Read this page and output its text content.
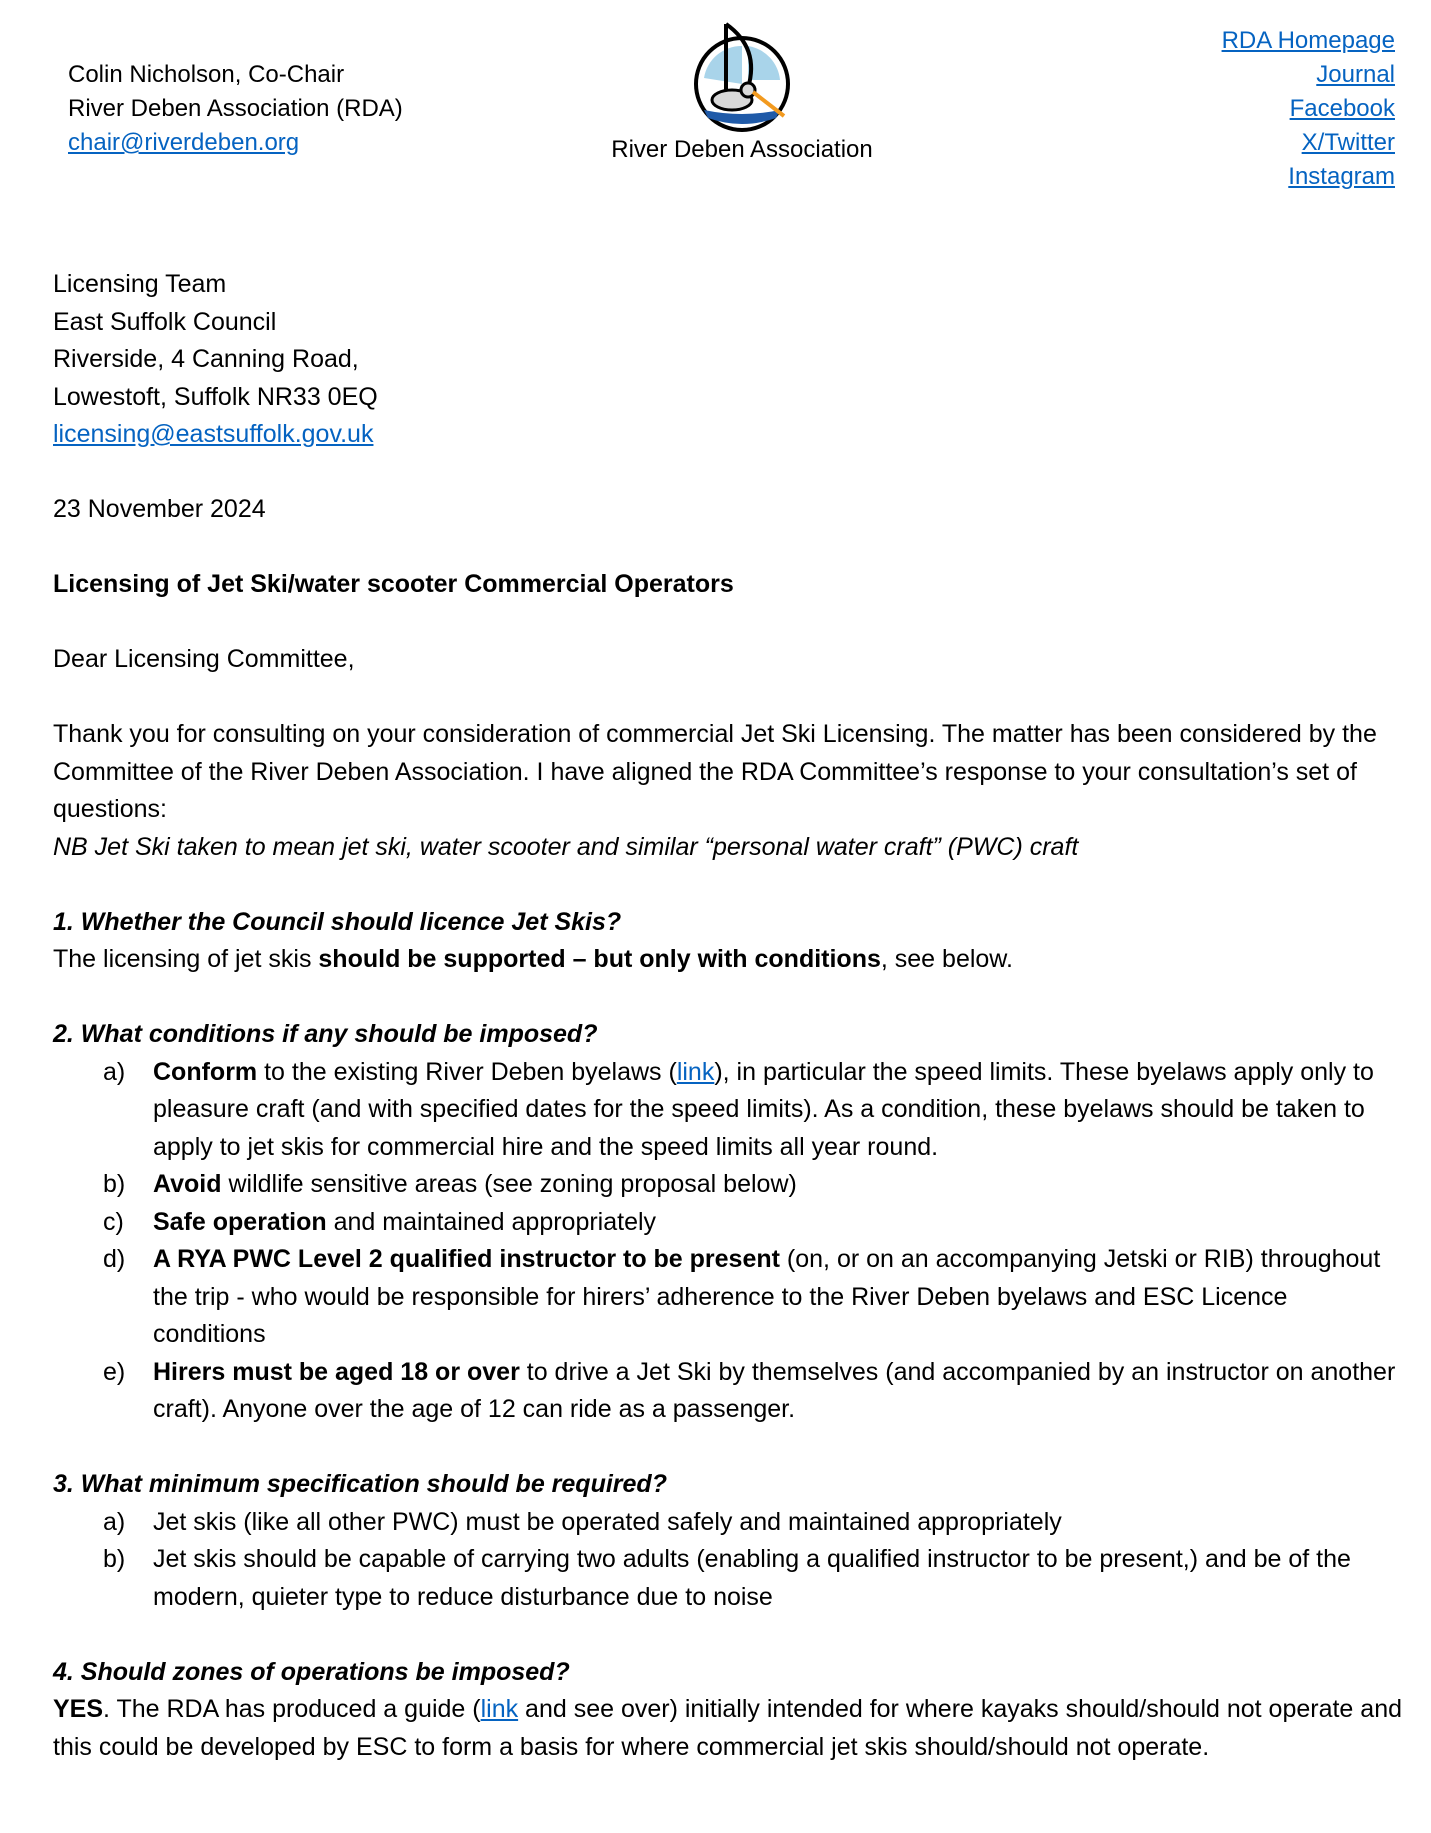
Colin Nicholson, Co-Chair
River Deben Association (RDA)
chair@riverdeben.org	River Deben Association
RDA Homepage
Journal
Facebook
X/Twitter
Instagram
Licensing Team
East Suffolk Council
Riverside, 4 Canning Road,
Lowestoft, Suffolk NR33 0EQ
licensing@eastsuffolk.gov.uk
23 November 2024
Licensing of Jet Ski/water scooter Commercial Operators
Dear Licensing Committee,
Thank you for consulting on your consideration of commercial Jet Ski Licensing. The matter has been considered by the Committee of the River Deben Association. I have aligned the RDA Committee’s response to your consultation’s set of questions:
NB Jet Ski taken to mean jet ski, water scooter and similar “personal water craft” (PWC) craft
1. Whether the Council should licence Jet Skis?
The licensing of jet skis should be supported – but only with conditions, see below.
2. What conditions if any should be imposed?
a) Conform to the existing River Deben byelaws (link), in particular the speed limits. These byelaws apply only to pleasure craft (and with specified dates for the speed limits). As a condition, these byelaws should be taken to apply to jet skis for commercial hire and the speed limits all year round.
b) Avoid wildlife sensitive areas (see zoning proposal below)
c) Safe operation and maintained appropriately
d) A RYA PWC Level 2 qualified instructor to be present (on, or on an accompanying Jetski or RIB) throughout the trip - who would be responsible for hirers’ adherence to the River Deben byelaws and ESC Licence conditions
e) Hirers must be aged 18 or over to drive a Jet Ski by themselves (and accompanied by an instructor on another craft). Anyone over the age of 12 can ride as a passenger.
3. What minimum specification should be required?
a) Jet skis (like all other PWC) must be operated safely and maintained appropriately
b) Jet skis should be capable of carrying two adults (enabling a qualified instructor to be present,) and be of the modern, quieter type to reduce disturbance due to noise
4. Should zones of operations be imposed?
YES. The RDA has produced a guide (link and see over) initially intended for where kayaks should/should not operate and this could be developed by ESC to form a basis for where commercial jet skis should/should not operate.
